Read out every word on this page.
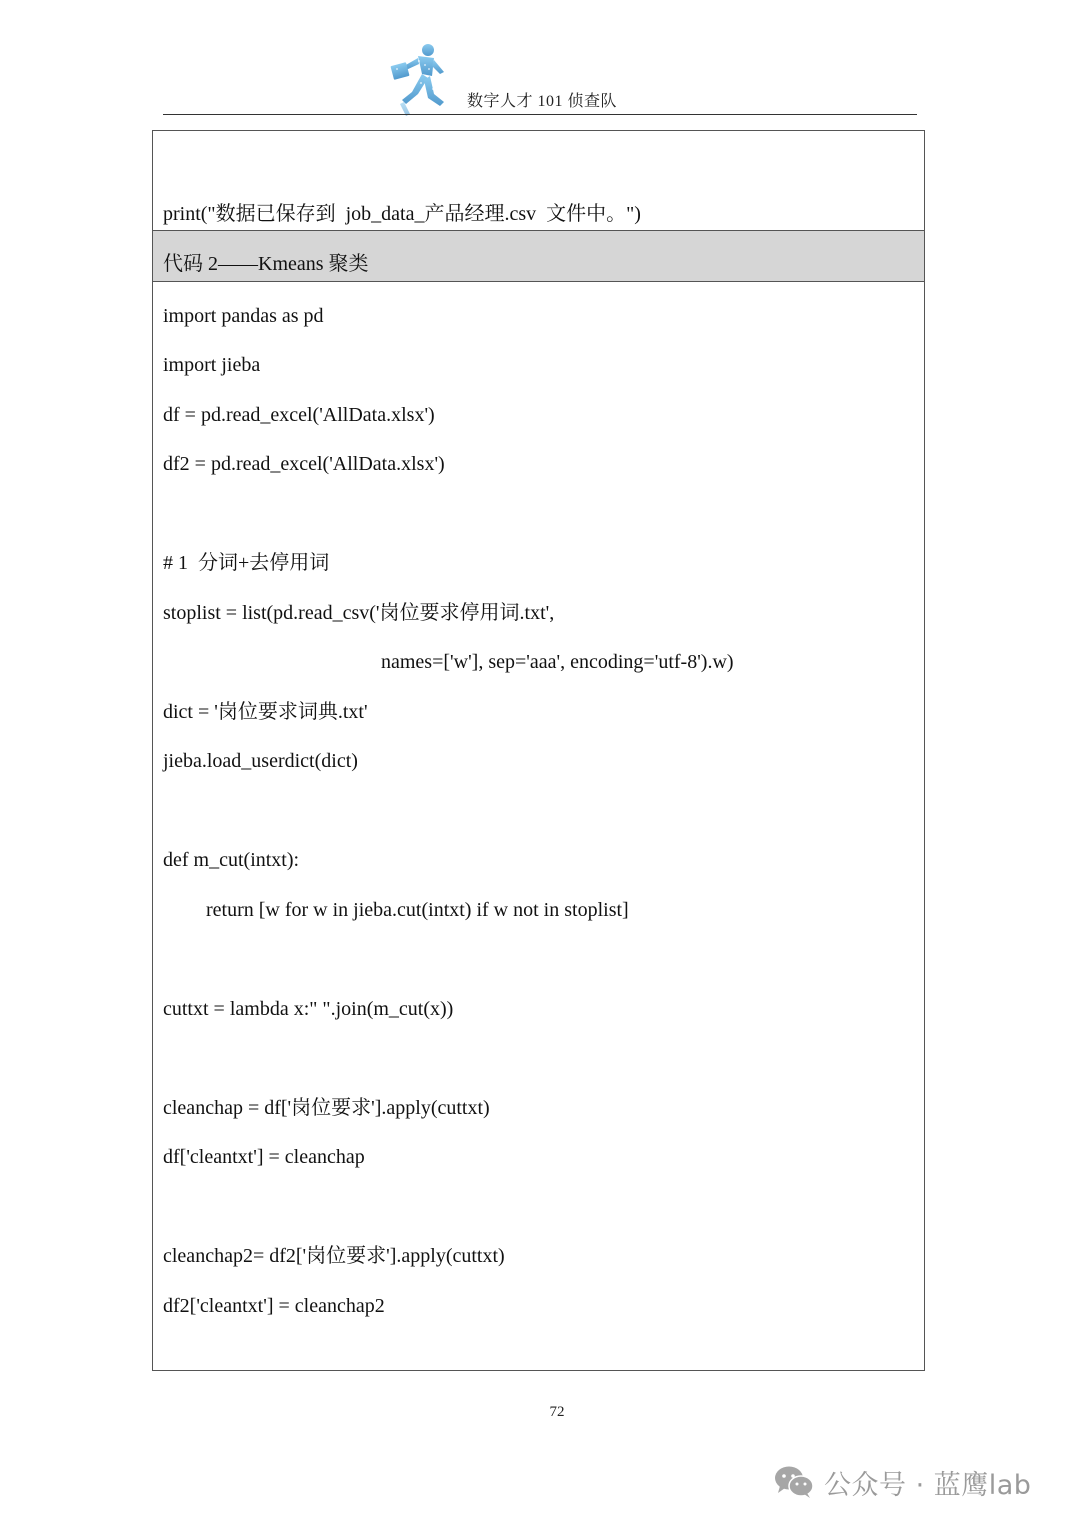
数字人才 101 侦查队
print("数据已保存到  job_data_产品经理.csv  文件中。")
代码 2——Kmeans 聚类
import pandas as pd
import jieba
df = pd.read_excel('AllData.xlsx')
df2 = pd.read_excel('AllData.xlsx')
# 1  分词+去停用词
stoplist = list(pd.read_csv('岗位要求停用词.txt',
names=['w'], sep='aaa', encoding='utf-8').w)
dict = '岗位要求词典.txt'
jieba.load_userdict(dict)
def m_cut(intxt):
return [w for w in jieba.cut(intxt) if w not in stoplist]
cuttxt = lambda x:" ".join(m_cut(x))
cleanchap = df['岗位要求'].apply(cuttxt)
df['cleantxt'] = cleanchap
cleanchap2= df2['岗位要求'].apply(cuttxt)
df2['cleantxt'] = cleanchap2
72
公众号 · 蓝鹰lab
